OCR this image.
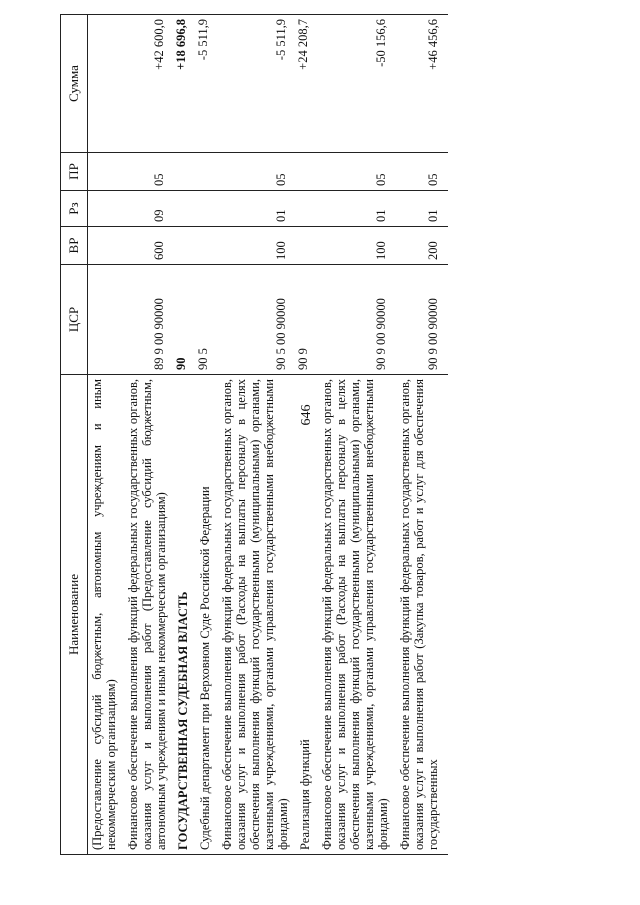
646
Наименование	ЦСР	ВР	Рз	ПР	Сумма
(Предоставление субсидий бюджетным, автономным учреждениям и иным некоммерческим организациям)					
Финансовое обеспечение выполнения функций федеральных государственных органов, оказания услуг и выполнения работ (Предоставление субсидий бюджетным, автономным учреждениям и иным некоммерческим организациям)	89 9 00 90000	600	09	05	+42 600,0
ГОСУДАРСТВЕННАЯ СУДЕБНАЯ ВЛАСТЬ	90				+18 696,8
Судебный департамент при Верховном Суде Российской Федерации	90 5				-5 511,9
Финансовое обеспечение выполнения функций федеральных государственных органов, оказания услуг и выполнения работ (Расходы на выплаты персоналу в целях обеспечения выполнения функций государственными (муниципальными) органами, казенными учреждениями, органами управления государственными внебюджетными фондами)	90 5 00 90000	100	01	05	-5 511,9
Реализация функций	90 9				+24 208,7
Финансовое обеспечение выполнения функций федеральных государственных органов, оказания услуг и выполнения работ (Расходы на выплаты персоналу в целях обеспечения выполнения функций государственными (муниципальными) органами, казенными учреждениями, органами управления государственными внебюджетными фондами)	90 9 00 90000	100	01	05	-50 156,6

Финансовое обеспечение выполнения функций федеральных государственных органов, оказания услуг и выполнения работ (Закупка товаров, работ и услуг для обеспечения государственных	90 9 00 90000	200	01	05	+46 456,6
